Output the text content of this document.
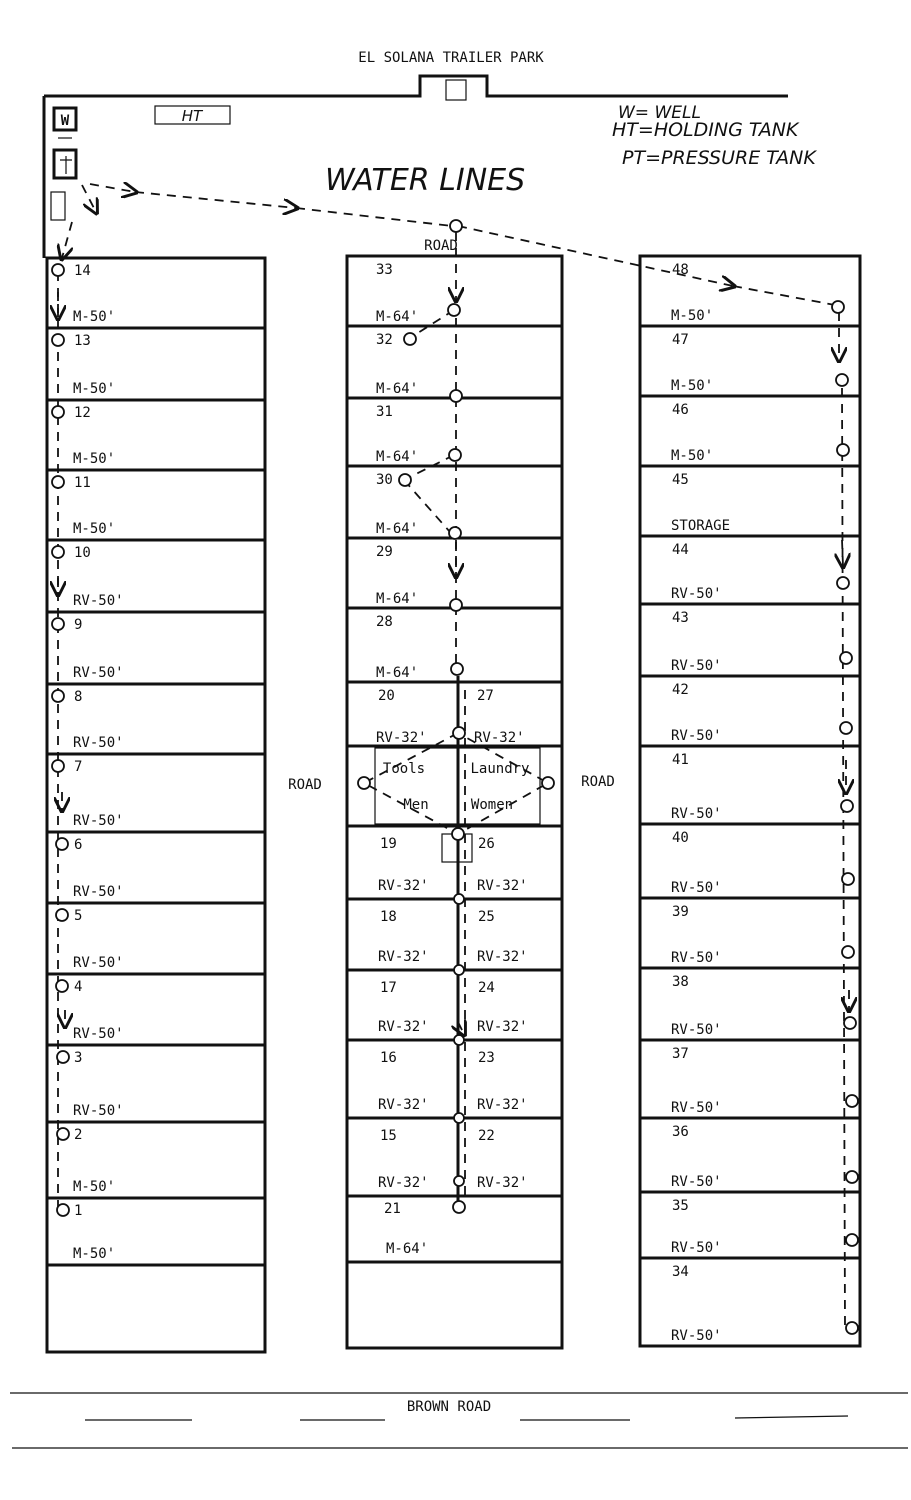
EL SOLANA TRAILER PARK
WATER LINES
W= WELL
HT=HOLDING TANK
PT=PRESSURE TANK
W	HT
ROAD
ROAD	ROAD
14
M-50'
13
M-50'
12
M-50'
11
M-50'
10
RV-50'
9
RV-50'
8
RV-50'
7
RV-50'
6
RV-50'
5
RV-50'
4
RV-50'
3
RV-50'
2
M-50'
1
M-50'
33
M-64'
32
M-64'
31
M-64'
30
M-64'
29
M-64'
28
M-64'
20	27
RV-32'	RV-32'
19	26
RV-32'	RV-32'
18	25
RV-32'	RV-32'
17	24
RV-32'	RV-32'
16	23
RV-32'	RV-32'
15	22
RV-32'	RV-32'
21
M-64'
48
M-50'
47
M-50'
46
M-50'
45
STORAGE
44
RV-50'
43
RV-50'
42
RV-50'
41
RV-50'
40
RV-50'
39
RV-50'
38
RV-50'
37
RV-50'
36
RV-50'
35
RV-50'
34
RV-50'
Tools	Laundry
Men	Women
BROWN ROAD
